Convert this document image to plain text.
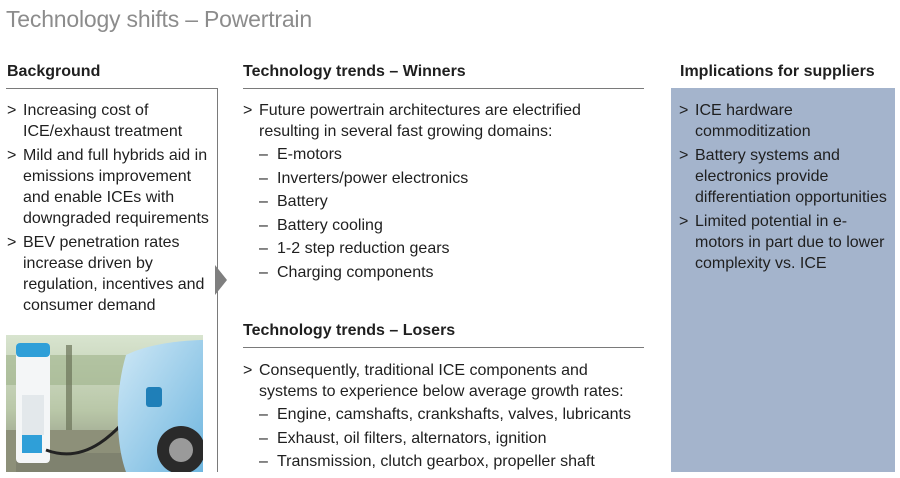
Technology shifts – Powertrain
Background
> Increasing cost of ICE/exhaust treatment
> Mild and full hybrids aid in emissions improvement and enable ICEs with downgraded requirements
> BEV penetration rates increase driven by regulation, incentives and consumer demand
Technology trends – Winners
> Future powertrain architectures are electrified resulting in several fast growing domains:
– E-motors
– Inverters/power electronics
– Battery
– Battery cooling
– 1-2 step reduction gears
– Charging components
Technology trends – Losers
> Consequently, traditional ICE components and systems to experience below average growth rates:
– Engine, camshafts, crankshafts, valves, lubricants
– Exhaust, oil filters, alternators, ignition
– Transmission, clutch gearbox, propeller shaft
Implications for suppliers
> ICE hardware commoditization
> Battery systems and electronics provide differentiation opportunities
> Limited potential in e-motors in part due to lower complexity vs. ICE
